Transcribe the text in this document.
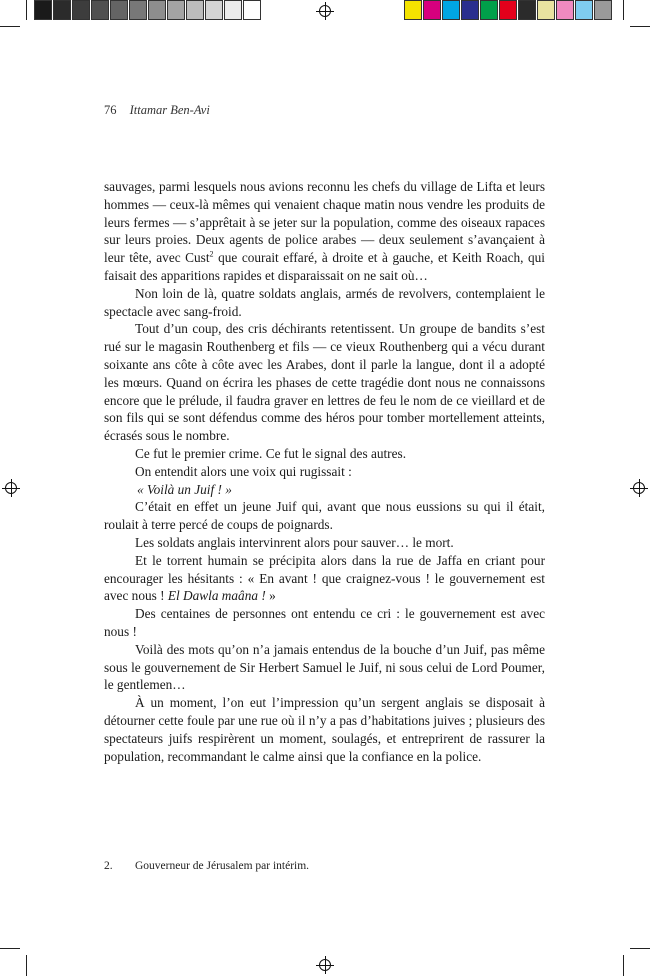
76 Ittamar Ben-Avi

sauvages, parmi lesquels nous avions reconnu les chefs du village de Lifta et leurs hommes — ceux-là mêmes qui venaient chaque matin nous vendre les produits de leurs fermes — s’apprêtait à se jeter sur la population, comme des oiseaux rapaces sur leurs proies. Deux agents de police arabes — deux seulement s’avançaient à leur tête, avec Cust$^2$ que courait effaré, à droite et à gauche, et Keith Roach, qui faisait des apparitions rapides et disparaissait on ne sait où…

Non loin de là, quatre soldats anglais, armés de revolvers, contemplaient le spectacle avec sang-froid.

Tout d’un coup, des cris déchirants retentissent. Un groupe de bandits s’est rué sur le magasin Routhenberg et fils — ce vieux Routhenberg qui a vécu durant soixante ans côte à côte avec les Arabes, dont il parle la langue, dont il a adopté les mœurs. Quand on écrira les phases de cette tragédie dont nous ne connaissons encore que le prélude, il faudra graver en lettres de feu le nom de ce vieillard et de son fils qui se sont défendus comme des héros pour tomber mortellement atteints, écrasés sous le nombre.

Ce fut le premier crime. Ce fut le signal des autres.

On entendit alors une voix qui rugissait :

« Voilà un Juif ! »

C’était en effet un jeune Juif qui, avant que nous eussions su qui il était, roulait à terre percé de coups de poignards.

Les soldats anglais intervinrent alors pour sauver… le mort.

Et le torrent humain se précipita alors dans la rue de Jaffa en criant pour encourager les hésitants : « En avant ! que craignez-vous ! le gouvernement est avec nous ! El Dawla maâna ! »

Des centaines de personnes ont entendu ce cri : le gouvernement est avec nous !

Voilà des mots qu’on n’a jamais entendus de la bouche d’un Juif, pas même sous le gouvernement de Sir Herbert Samuel le Juif, ni sous celui de Lord Poumer, le gentlemen…

À un moment, l’on eut l’impression qu’un sergent anglais se disposait à détourner cette foule par une rue où il n’y a pas d’habitations juives ; plusieurs des spectateurs juifs respirèrent un moment, soulagés, et entreprirent de rassurer la population, recommandant le calme ainsi que la confiance en la police.

2. Gouverneur de Jérusalem par intérim.
